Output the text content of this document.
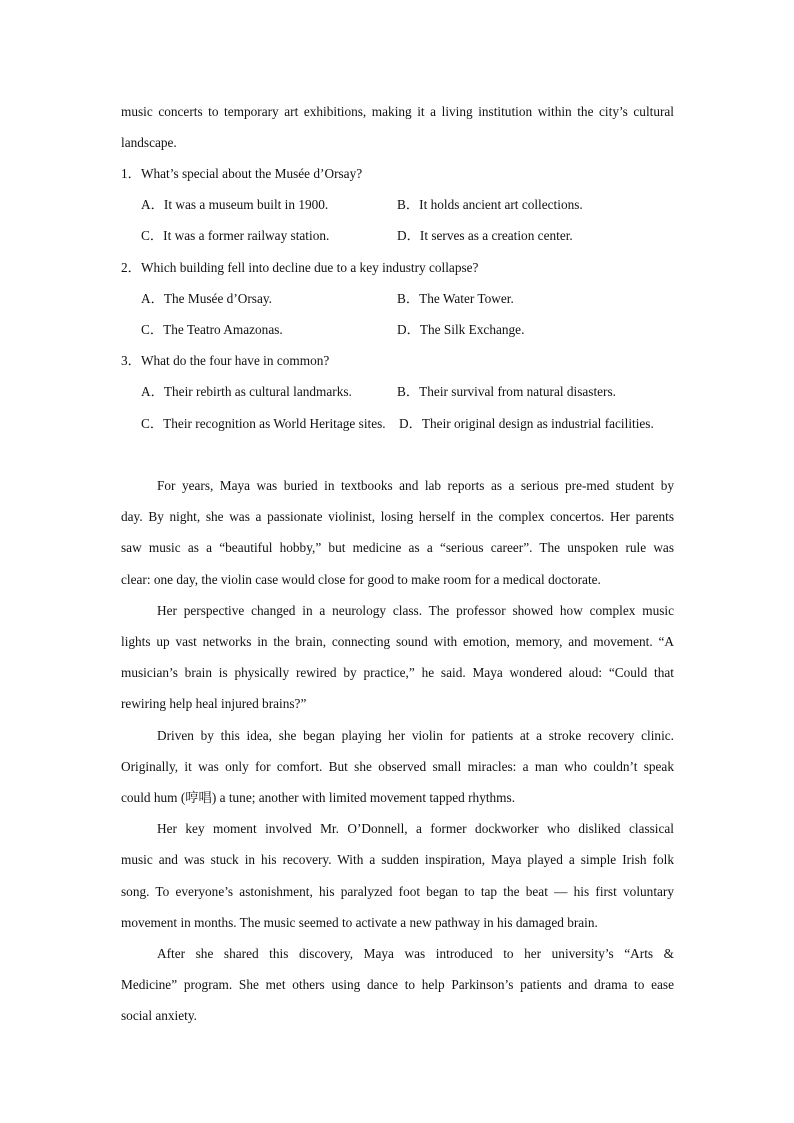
music concerts to temporary art exhibitions, making it a living institution within the city’s cultural
landscape.
1．What’s special about the Musée d’Orsay?
A．It was a museum built in 1900.	B．It holds ancient art collections.
C．It was a former railway station.	D．It serves as a creation center.
2．Which building fell into decline due to a key industry collapse?
A．The Musée d’Orsay.	B．The Water Tower.
C．The Teatro Amazonas.	D．The Silk Exchange.
3．What do the four have in common?
A．Their rebirth as cultural landmarks.	B．Their survival from natural disasters.
C．Their recognition as World Heritage sites. D．Their original design as industrial facilities.
For years, Maya was buried in textbooks and lab reports as a serious pre-med student by
day. By night, she was a passionate violinist, losing herself in the complex concertos. Her parents
saw music as a “beautiful hobby,” but medicine as a “serious career”. The unspoken rule was
clear: one day, the violin case would close for good to make room for a medical doctorate.
Her perspective changed in a neurology class. The professor showed how complex music
lights up vast networks in the brain, connecting sound with emotion, memory, and movement. “A
musician’s brain is physically rewired by practice,” he said. Maya wondered aloud: “Could that
rewiring help heal injured brains?”
Driven by this idea, she began playing her violin for patients at a stroke recovery clinic.
Originally, it was only for comfort. But she observed small miracles: a man who couldn’t speak
could hum (哼唱) a tune; another with limited movement tapped rhythms.
Her key moment involved Mr. O’Donnell, a former dockworker who disliked classical
music and was stuck in his recovery. With a sudden inspiration, Maya played a simple Irish folk
song. To everyone’s astonishment, his paralyzed foot began to tap the beat — his first voluntary
movement in months. The music seemed to activate a new pathway in his damaged brain.
After she shared this discovery, Maya was introduced to her university’s “Arts &
Medicine” program. She met others using dance to help Parkinson’s patients and drama to ease
social anxiety.
